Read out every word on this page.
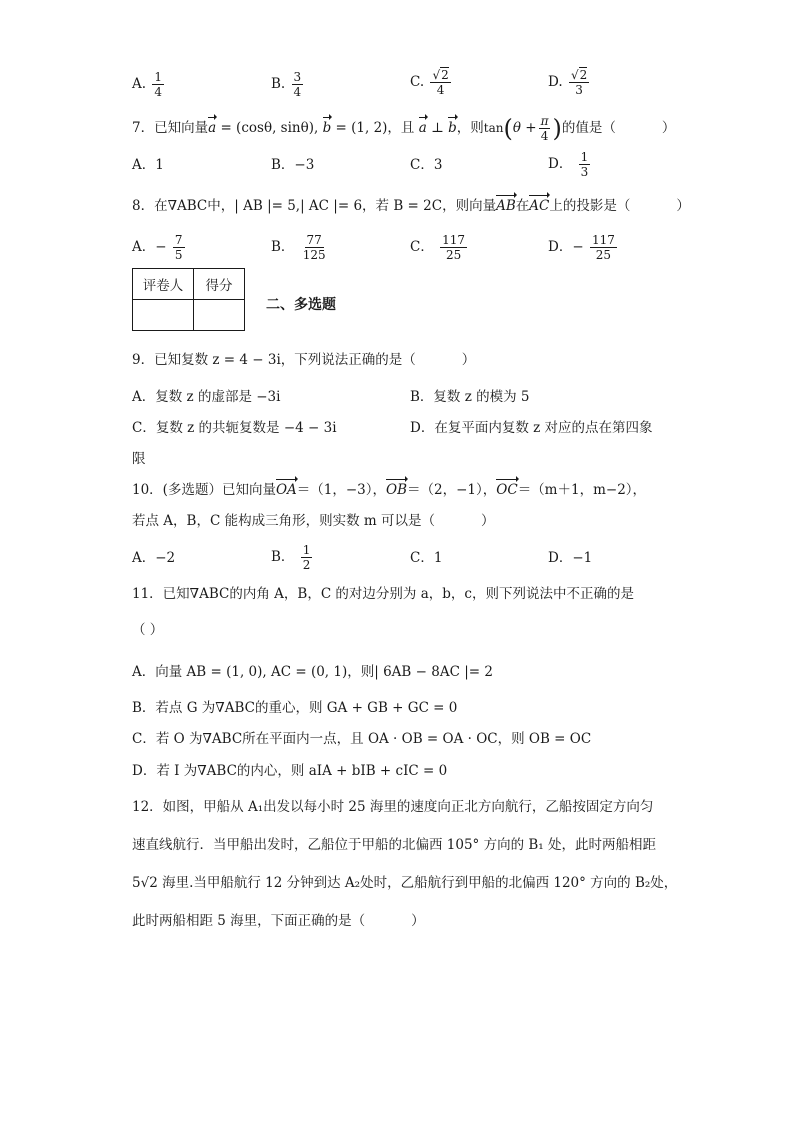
A. $\frac{1}{4}$	B. $\frac{3}{4}$	C. $\frac{√2}{4}$	D. $\frac{√2}{3}$
7．已知向量a = (cosθ, sinθ), b = (1, 2)，且 a ⊥ b，则$\tan(\theta + \frac{\pi}{4}$ )的值是（	）
A．1	B．−3	C．3	D． $\frac{1}{3}$
8．在∇ABC中，| AB |= 5,| AC |= 6，若 B = 2C，则向量AB在AC上的投影是（	）
A．− $\frac{7}{5}$	B． $\frac{77}{125}$	C． $\frac{117}{25}$	D．− $\frac{117}{25}$
评卷人	得分

二、多选题
9．已知复数 z = 4 − 3i，下列说法正确的是（	）
A．复数 z 的虚部是 −3i	B．复数 z 的模为 5
C．复数 z 的共轭复数是 −4 − 3i	D．在复平面内复数 z 对应的点在第四象
限
10．(多选题）已知向量OA＝（1，−3），OB＝（2，−1），OC＝（m＋1，m−2），
若点 A，B，C 能构成三角形，则实数 m 可以是（	）
A．−2	B． $\frac{1}{2}$	C．1	D．−1
11．已知∇ABC的内角 A，B，C 的对边分别为 a，b，c，则下列说法中不正确的是
（ ）
A．向量 AB = (1, 0), AC = (0, 1)，则| 6AB − 8AC |= 2
B．若点 G 为∇ABC的重心，则 GA + GB + GC = 0
C．若 O 为∇ABC所在平面内一点，且 OA · OB = OA · OC，则 OB = OC
D．若 I 为∇ABC的内心，则 aIA + bIB + cIC = 0
12．如图，甲船从 A₁出发以每小时 25 海里的速度向正北方向航行，乙船按固定方向匀
速直线航行．当甲船出发时，乙船位于甲船的北偏西 105° 方向的 B₁ 处，此时两船相距
5√2 海里.当甲船航行 12 分钟到达 A₂处时，乙船航行到甲船的北偏西 120° 方向的 B₂处，
此时两船相距 5 海里，下面正确的是（	）
